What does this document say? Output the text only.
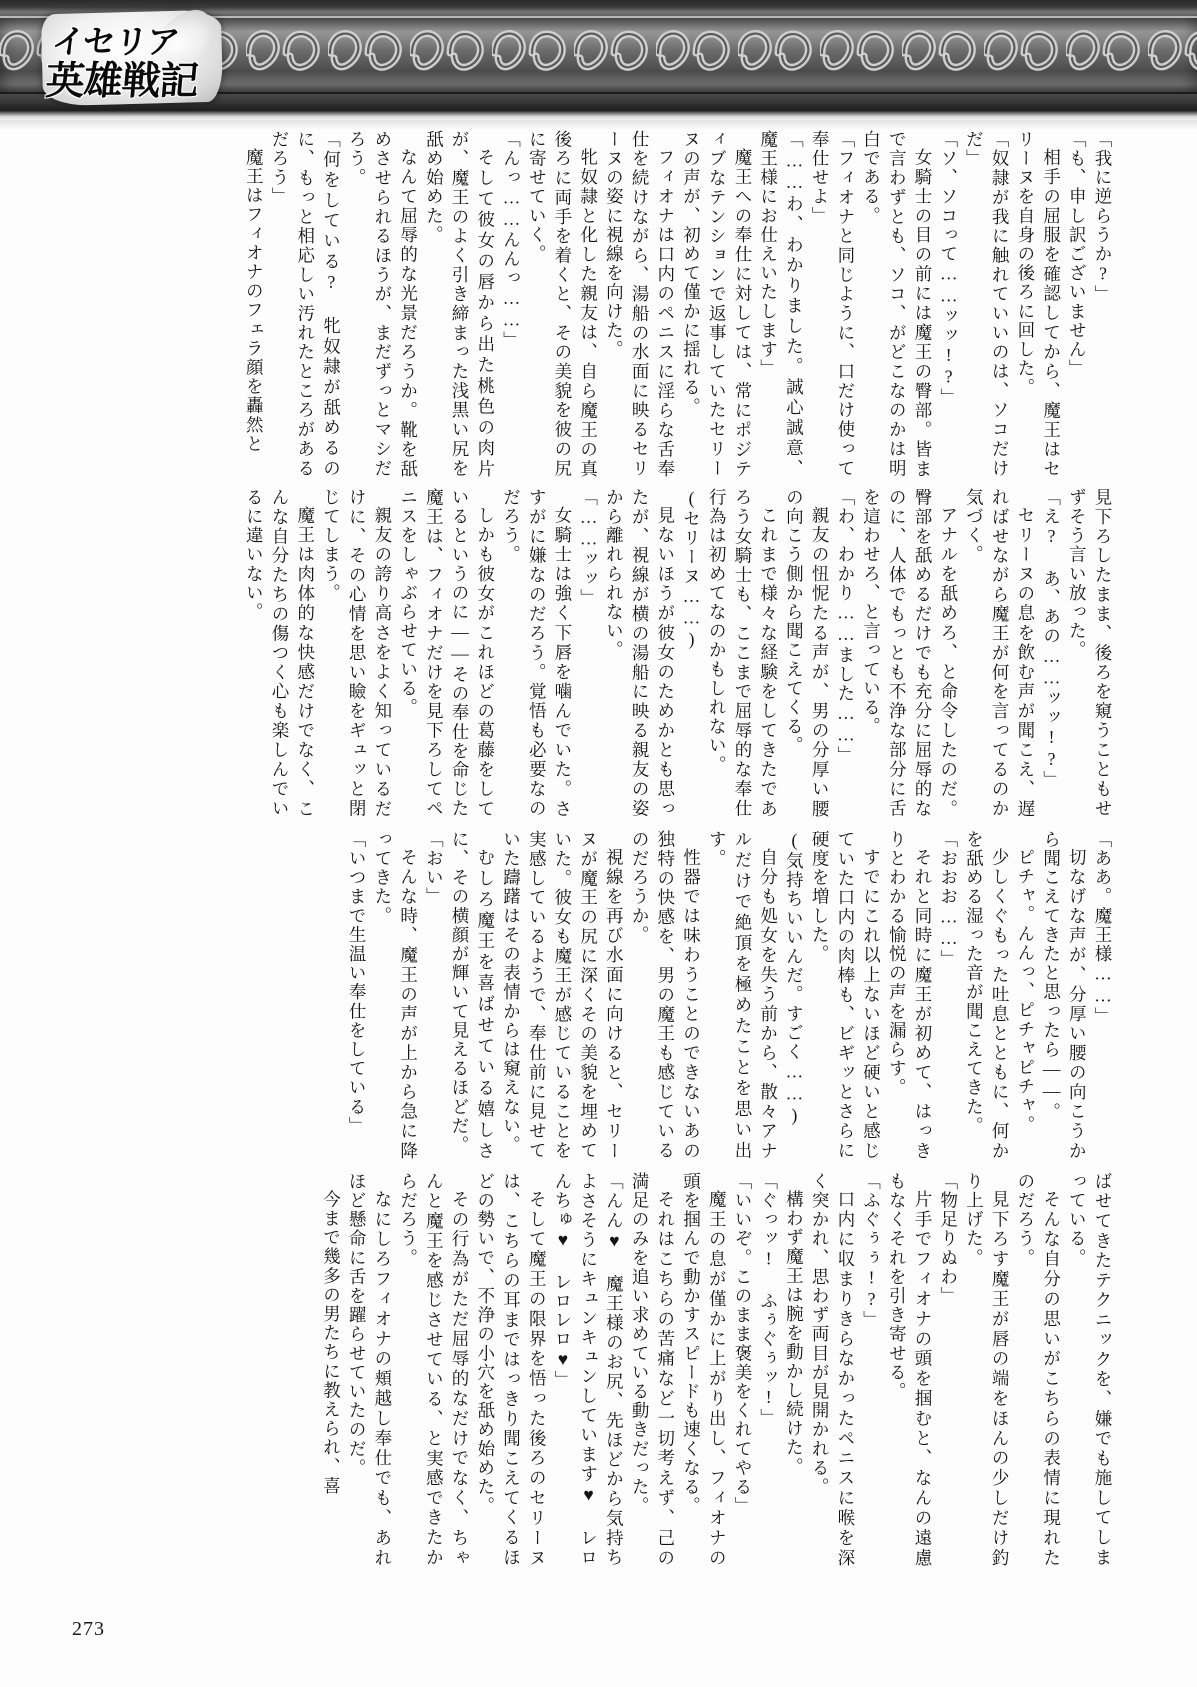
イセリア
英雄戦記

「我に逆らうか?」

「も、申し訳ございません」

相手の屈服を確認してから、魔王はセリーヌを自身の後ろに回した。

「奴隷が我に触れていいのは、ソコだけだ」

「ソ、ソコって……ッッ!?」

女騎士の目の前には魔王の臀部。皆まで言わずとも、ソコ、がどこなのかは明白である。

「フィオナと同じように、口だけ使って奉仕せよ」

「……わ、わかりました。誠心誠意、魔王様にお仕えいたします」

魔王への奉仕に対しては、常にポジティブなテンションで返事していたセリーヌの声が、初めて僅かに揺れる。

フィオナは口内のペニスに淫らな舌奉仕を続けながら、湯船の水面に映るセリーヌの姿に視線を向けた。

牝奴隷と化した親友は、自ら魔王の真後ろに両手を着くと、その美貌を彼の尻に寄せていく。

「んっ……んんっ……」

そして彼女の唇から出た桃色の肉片が、魔王のよく引き締まった浅黒い尻を舐め始めた。

なんて屈辱的な光景だろうか。靴を舐めさせられるほうが、まだずっとマシだろう。

「何をしている? 牝奴隷が舐めるのに、もっと相応しい汚れたところがあるだろう」

魔王はフィオナのフェラ顔を轟然と

見下ろしたまま、後ろを窺うこともせずそう言い放った。

「え? あ、あの……ッッ!?」

セリーヌの息を飲む声が聞こえ、遅ればせながら魔王が何を言ってるのか気づく。

アナルを舐めろ、と命令したのだ。臀部を舐めるだけでも充分に屈辱的なのに、人体でもっとも不浄な部分に舌を這わせろ、と言っている。

「わ、わかり……ました……」

親友の忸怩たる声が、男の分厚い腰の向こう側から聞こえてくる。

これまで様々な経験をしてきたであろう女騎士も、ここまで屈辱的な奉仕行為は初めてなのかもしれない。

(セリーヌ……)

見ないほうが彼女のためかとも思ったが、視線が横の湯船に映る親友の姿から離れられない。

「……ッッ」

女騎士は強く下唇を噛んでいた。さすがに嫌なのだろう。覚悟も必要なのだろう。

しかも彼女がこれほどの葛藤をしているというのに——その奉仕を命じた魔王は、フィオナだけを見下ろしてペニスをしゃぶらせている。

親友の誇り高さをよく知っているだけに、その心情を思い瞼をギュッと閉じてしまう。

魔王は肉体的な快感だけでなく、こんな自分たちの傷つく心も楽しんでいるに違いない。

「ああ。魔王様……」

切なげな声が、分厚い腰の向こうから聞こえてきたと思ったら——。

ピチャ。んんっ、ピチャピチャ。

少しくぐもった吐息とともに、何かを舐める湿った音が聞こえてきた。

「おおお……」

それと同時に魔王が初めて、はっきりとわかる愉悦の声を漏らす。

すでにこれ以上ないほど硬いと感じていた口内の肉棒も、ビギッとさらに硬度を増した。

(気持ちいいんだ。すごく……)

自分も処女を失う前から、散々アナルだけで絶頂を極めたことを思い出す。

性器では味わうことのできないあの独特の快感を、男の魔王も感じているのだろうか。

視線を再び水面に向けると、セリーヌが魔王の尻に深くその美貌を埋めていた。彼女も魔王が感じていることを実感しているようで、奉仕前に見せていた躊躇はその表情からは窺えない。

むしろ魔王を喜ばせている嬉しさに、その横顔が輝いて見えるほどだ。

「おい」

そんな時、魔王の声が上から急に降ってきた。

「いつまで生温い奉仕をしている」

ばせてきたテクニックを、嫌でも施してしまっている。

そんな自分の思いがこちらの表情に現れたのだろう。

見下ろす魔王が唇の端をほんの少しだけ釣り上げた。

「物足りぬわ」

片手でフィオナの頭を掴むと、なんの遠慮もなくそれを引き寄せる。

「ふぐぅぅ!?」

口内に収まりきらなかったペニスに喉を深く突かれ、思わず両目が見開かれる。

構わず魔王は腕を動かし続けた。

「ぐっッ! ふぅぐぅッ!」

「いいぞ。このまま褒美をくれてやる」

魔王の息が僅かに上がり出し、フィオナの頭を掴んで動かすスピードも速くなる。

それはこちらの苦痛など一切考えず、己の満足のみを追い求めている動きだった。

「んん♥ 魔王様のお尻、先ほどから気持ちよさそうにキュンキュンしています♥ レロんちゅ♥ レロレロ♥」

そして魔王の限界を悟った後ろのセリーヌは、こちらの耳まではっきり聞こえてくるほどの勢いで、不浄の小穴を舐め始めた。

その行為がただ屈辱的なだけでなく、ちゃんと魔王を感じさせている、と実感できたからだろう。

なにしろフィオナの頬越し奉仕でも、あれほど懸命に舌を躍らせていたのだ。

今まで幾多の男たちに教えられ、喜

273
